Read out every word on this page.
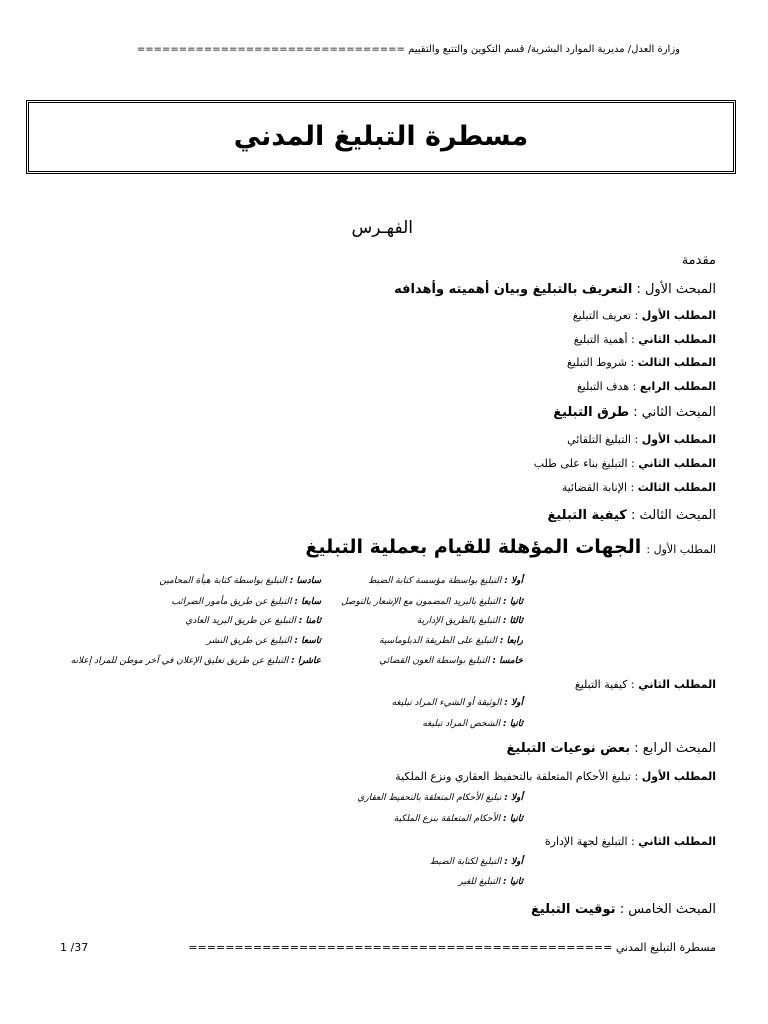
وزارة العدل/ مديرية الموارد البشرية/ قسم التكوين والتتبع والتقييم ================================
مسطرة التبليغ المدني
الفهـرس
مقدمة
المبحث الأول : التعريف بالتبليغ وبيان أهميته وأهدافه
المطلب الأول : تعريف التبليغ
المطلب الثاني : أهمية التبليغ
المطلب الثالث : شروط التبليغ
المطلب الرابع : هدف التبليغ
المبحث الثاني : طرق التبليغ
المطلب الأول : التبليغ التلقائي
المطلب الثاني : التبليغ بناء على طلب
المطلب الثالث : الإنابة القضائية
المبحث الثالث : كيفية التبليغ
المطلب الأول : الجهات المؤهلة للقيام بعملية التبليغ
أولا : التبليغ بواسطة مؤسسة كتابة الضبط
ثانيا : التبليغ بالبريد المضمون مع الإشعار بالتوصل
ثالثا : التبليغ بالطريق الإدارية
رابعا : التبليغ على الطريقة الدبلوماسية
خامسا : التبليغ بواسطة العون القضائي
سادسا : التبليغ بواسطة كتابة هيأة المحامين
سابعا : التبليغ عن طريق مأمور الضرائب
ثامنا : التبليغ عن طريق البريد العادي
تاسعا : التبليغ عن طريق النشر
عاشرا : التبليغ عن طريق تعليق الإعلان في آخر موطن للمراد إعلانه
المطلب الثاني : كيفية التبليغ
أولا : الوثيقة أو الشيء المراد تبليغه
ثانيا : الشخص المراد تبليغه
المبحث الرابع : بعض نوعيات التبليغ
المطلب الأول : تبليغ الأحكام المتعلقة بالتحفيظ العقاري ونزع الملكية
أولا : تبليغ الأحكام المتعلقة بالتحفيظ العقاري
ثانيا : الأحكام المتعلقة بنزع الملكية
المطلب الثاني : التبليغ لجهة الإدارة
أولا : التبليغ لكتابة الضبط
ثانيا : التبليغ للغير
المبحث الخامس : توقيت التبليغ
مسطرة التبليغ المدني ==============================================
1 /37
